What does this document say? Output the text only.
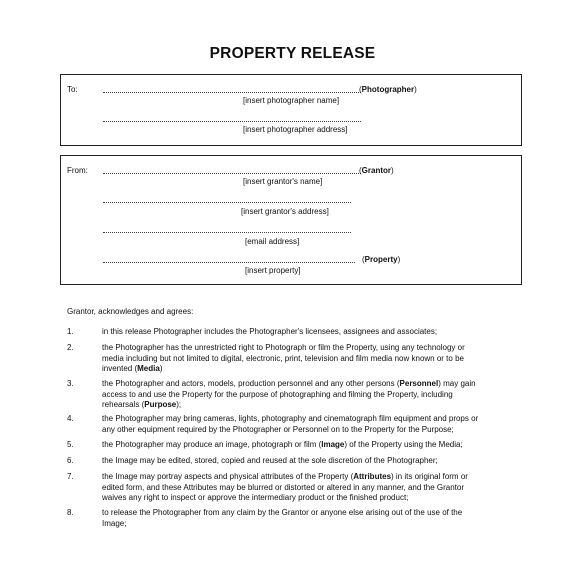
PROPERTY RELEASE
To:	(Photographer)
[insert photographer name]
[insert photographer address]
From:	(Grantor)
[insert grantor's name]
[insert grantor's address]
[email address]
(Property)
[insert property]
Grantor, acknowledges and agrees:
1.	in this release Photographer includes the Photographer's licensees, assignees and associates;
2.	the Photographer has the unrestricted right to Photograph or film the Property, using any technology or
media including but not limited to digital, electronic, print, television and film media now known or to be
invented (Media)
3.	the Photographer and actors, models, production personnel and any other persons (Personnel) may gain
access to and use the Property for the purpose of photographing and filming the Property, including
rehearsals (Purpose);
4.	the Photographer may bring cameras, lights, photography and cinematograph film equipment and props or
any other equipment required by the Photographer or Personnel on to the Property for the Purpose;
5.	the Photographer may produce an image, photograph or film (Image) of the Property using the Media;
6.	the Image may be edited, stored, copied and reused at the sole discretion of the Photographer;
7.	the Image may portray aspects and physical attributes of the Property (Attributes) in its original form or
edited form, and these Attributes may be blurred or distorted or altered in any manner, and the Grantor
waives any right to inspect or approve the intermediary product or the finished product;
8.	to release the Photographer from any claim by the Grantor or anyone else arising out of the use of the
Image;
